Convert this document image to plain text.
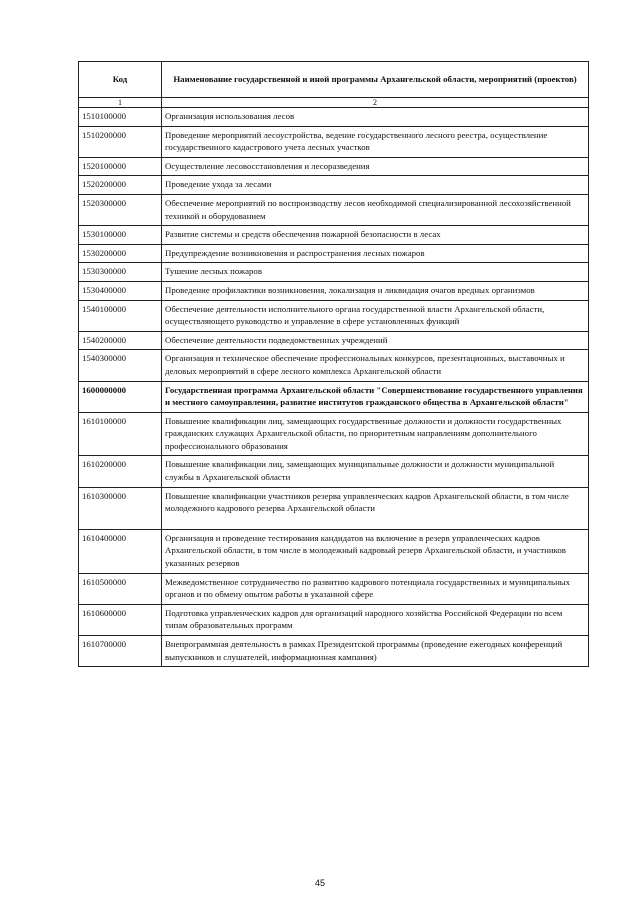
Код	Наименование государственной и иной программы Архангельской области, мероприятий (проектов)
1	2
1510100000	Организация использования лесов
1510200000	Проведение мероприятий лесоустройства, ведение государственного лесного реестра, осуществление государственного кадастрового учета лесных участков
1520100000	Осуществление лесовосстановления и лесоразведения
1520200000	Проведение ухода за лесами
1520300000	Обеспечение мероприятий по воспроизводству лесов необходимой специализированной лесохозяйственной техникой и оборудованием
1530100000	Развитие системы и средств обеспечения пожарной безопасности в лесах
1530200000	Предупреждение возникновения и распространения лесных пожаров
1530300000	Тушение лесных пожаров
1530400000	Проведение профилактики возникновения, локализация и ликвидация очагов вредных организмов
1540100000	Обеспечение деятельности исполнительного органа государственной власти Архангельской области, осуществляющего руководство и управление в сфере установленных функций
1540200000	Обеспечение деятельности подведомственных учреждений
1540300000	Организация и техническое обеспечение профессиональных конкурсов, презентационных, выставочных и деловых мероприятий в сфере лесного комплекса Архангельской области
1600000000	Государственная программа Архангельской области "Совершенствование государственного управления и местного самоуправления, развитие институтов гражданского общества в Архангельской области"
1610100000	Повышение квалификации лиц, замещающих государственные должности и должности государственных гражданских служащих Архангельской области, по приоритетным направлениям дополнительного профессионального образования
1610200000	Повышение квалификации лиц, замещающих муниципальные должности и должности муниципальной службы в Архангельской области
1610300000	Повышение квалификации участников резерва управленческих кадров Архангельской области, в том числе молодежного кадрового резерва Архангельской области
1610400000	Организация и проведение тестирования кандидатов на включение в резерв управленческих кадров Архангельской области, в том числе в молодежный кадровый резерв Архангельской области, и участников указанных резервов
1610500000	Межведомственное сотрудничество по развитию кадрового потенциала государственных и муниципальных органов и по обмену опытом работы в указанной сфере
1610600000	Подготовка управленческих кадров для организаций народного хозяйства Российской Федерации по всем типам образовательных программ
1610700000	Внепрограммная деятельность в рамках Президентской программы (проведение ежегодных конференций выпускников и слушателей, информационная кампания)
45
